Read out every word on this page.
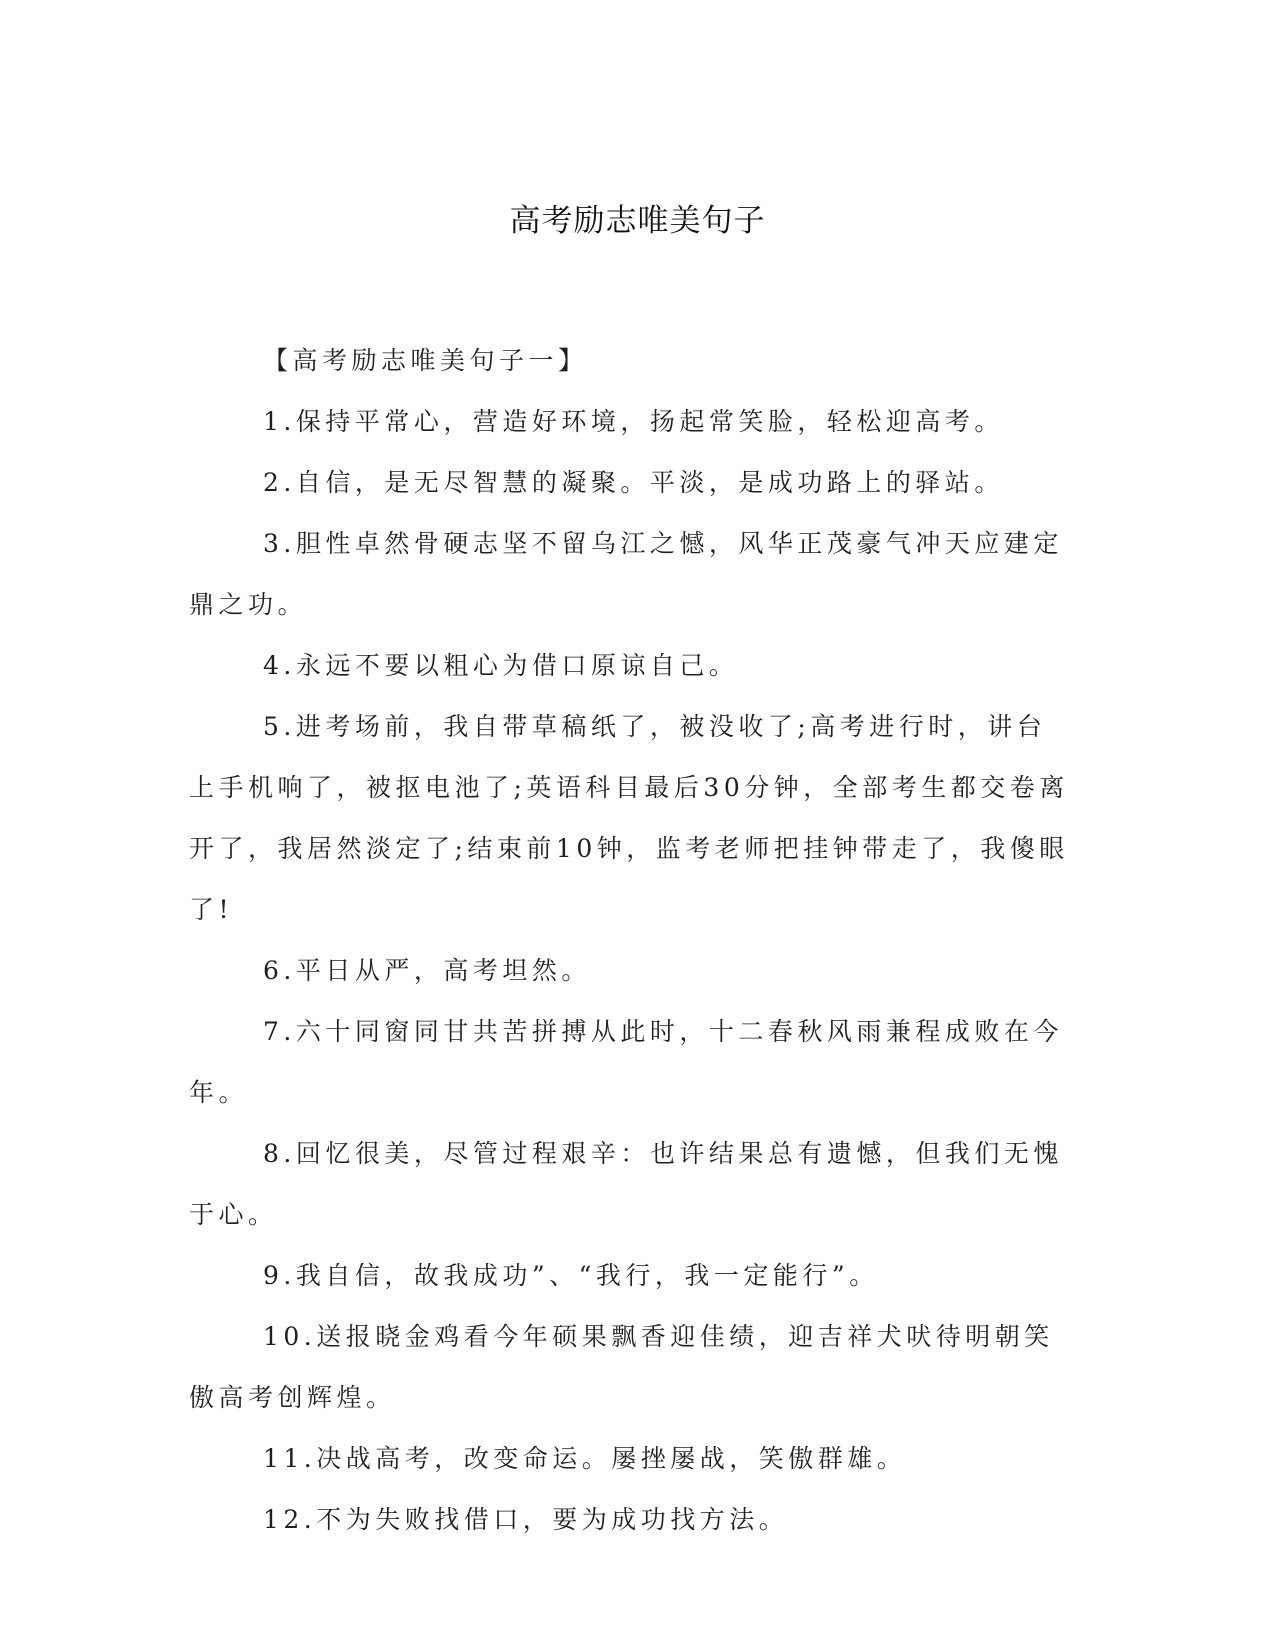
高考励志唯美句子

【高考励志唯美句子一】

1.保持平常心，营造好环境，扬起常笑脸，轻松迎高考。

2.自信，是无尽智慧的凝聚。平淡，是成功路上的驿站。

3.胆性卓然骨硬志坚不留乌江之憾，风华正茂豪气冲天应建定鼎之功。

4.永远不要以粗心为借口原谅自己。

5.进考场前，我自带草稿纸了，被没收了;高考进行时，讲台上手机响了，被抠电池了;英语科目最后30分钟，全部考生都交卷离开了，我居然淡定了;结束前10钟，监考老师把挂钟带走了，我傻眼了!

6.平日从严，高考坦然。

7.六十同窗同甘共苦拼搏从此时，十二春秋风雨兼程成败在今年。

8.回忆很美，尽管过程艰辛：也许结果总有遗憾，但我们无愧于心。

9.我自信，故我成功”、“我行，我一定能行”。

10.送报晓金鸡看今年硕果飘香迎佳绩，迎吉祥犬吠待明朝笑傲高考创辉煌。

11.决战高考，改变命运。屡挫屡战，笑傲群雄。

12.不为失败找借口，要为成功找方法。
